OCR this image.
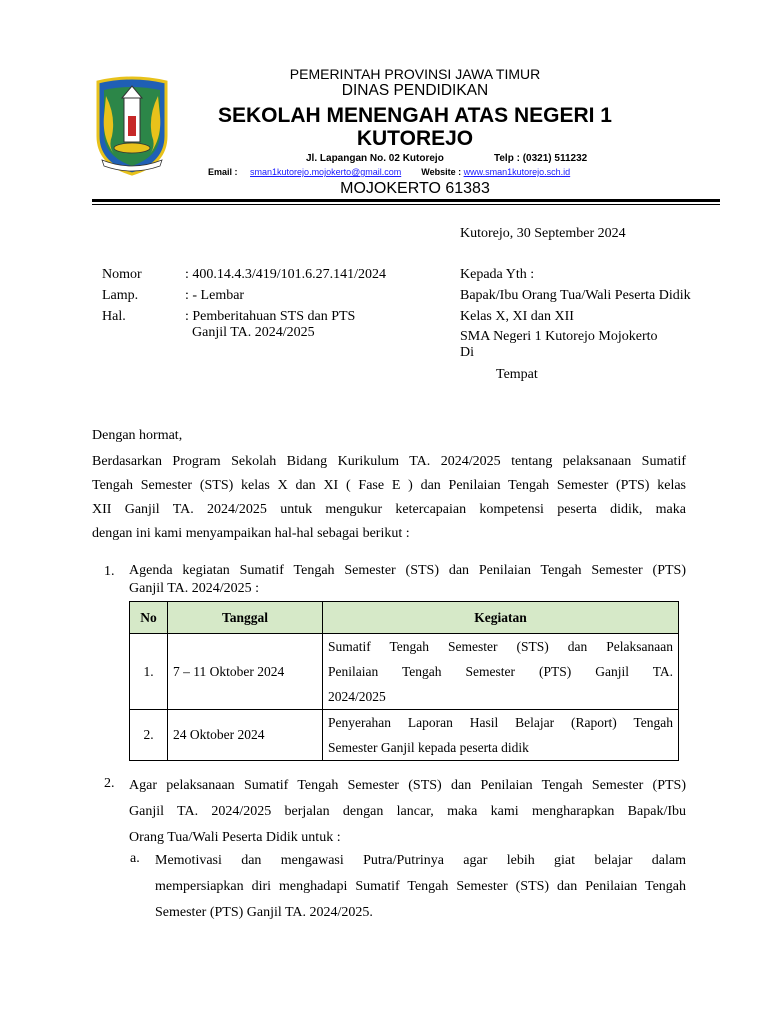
PEMERINTAH PROVINSI JAWA TIMUR
DINAS PENDIDIKAN
SEKOLAH MENENGAH ATAS NEGERI 1
KUTOREJO
Jl. Lapangan No. 02 Kutorejo	Telp : (0321) 511232
Email : sman1kutorejo.mojokerto@gmail.com Website : www.sman1kutorejo.sch.id
MOJOKERTO 61383
Kutorejo, 30 September 2024
Nomor	: 400.14.4.3/419/101.6.27.141/2024
Lamp.	: - Lembar
Hal.	: Pemberitahuan STS dan PTS
Ganjil TA. 2024/2025
Kepada Yth :
Bapak/Ibu Orang Tua/Wali Peserta Didik
Kelas X, XI dan XII
SMA Negeri 1 Kutorejo Mojokerto
Di
Tempat
Dengan hormat,
Berdasarkan Program Sekolah Bidang Kurikulum TA. 2024/2025 tentang pelaksanaan Sumatif
Tengah Semester (STS) kelas X dan XI ( Fase E ) dan Penilaian Tengah Semester (PTS) kelas
XII Ganjil TA. 2024/2025 untuk mengukur ketercapaian kompetensi peserta didik, maka
dengan ini kami menyampaikan hal-hal sebagai berikut :
1. Agenda kegiatan Sumatif Tengah Semester (STS) dan Penilaian Tengah Semester (PTS)
Ganjil TA. 2024/2025 :
No	Tanggal	Kegiatan
1.	7 – 11 Oktober 2024	Sumatif Tengah Semester (STS) dan Pelaksanaan
Penilaian Tengah Semester (PTS) Ganjil TA.
2024/2025

2.	24 Oktober 2024	Penyerahan Laporan Hasil Belajar (Raport) Tengah
Semester Ganjil kepada peserta didik
2. Agar pelaksanaan Sumatif Tengah Semester (STS) dan Penilaian Tengah Semester (PTS)
Ganjil TA. 2024/2025 berjalan dengan lancar, maka kami mengharapkan Bapak/Ibu
Orang Tua/Wali Peserta Didik untuk :
a. Memotivasi dan mengawasi Putra/Putrinya agar lebih giat belajar dalam
mempersiapkan diri menghadapi Sumatif Tengah Semester (STS) dan Penilaian Tengah
Semester (PTS) Ganjil TA. 2024/2025.
